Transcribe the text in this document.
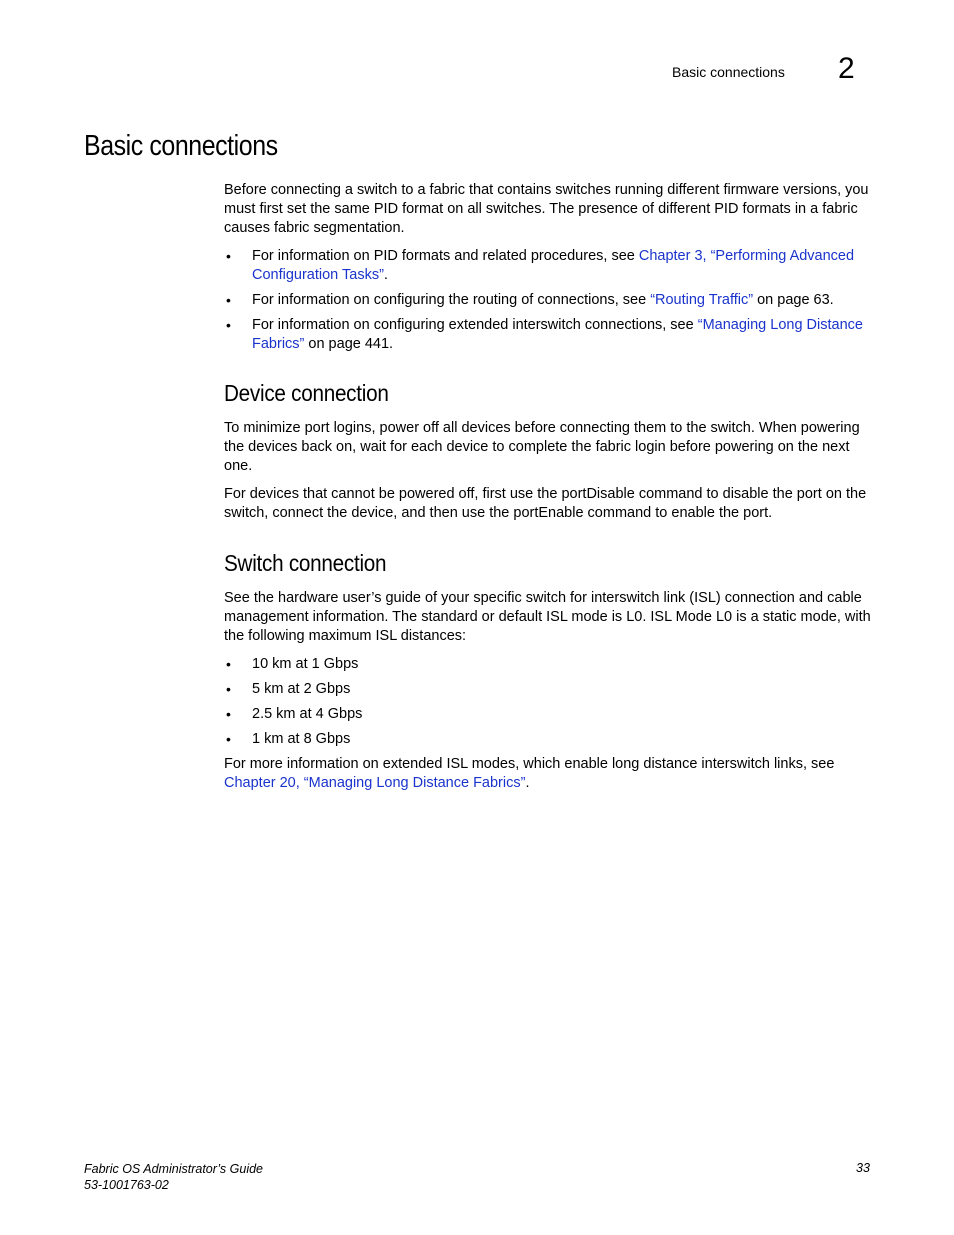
Basic connections 2
Basic connections

Before connecting a switch to a fabric that contains switches running different firmware versions, you must first set the same PID format on all switches. The presence of different PID formats in a fabric causes fabric segmentation.

• For information on PID formats and related procedures, see Chapter 3, “Performing Advanced Configuration Tasks”.
• For information on configuring the routing of connections, see “Routing Traffic” on page 63.
• For information on configuring extended interswitch connections, see “Managing Long Distance Fabrics” on page 441.
Device connection

To minimize port logins, power off all devices before connecting them to the switch. When powering the devices back on, wait for each device to complete the fabric login before powering on the next one.

For devices that cannot be powered off, first use the portDisable command to disable the port on the switch, connect the device, and then use the portEnable command to enable the port.

Switch connection

See the hardware user’s guide of your specific switch for interswitch link (ISL) connection and cable management information. The standard or default ISL mode is L0. ISL Mode L0 is a static mode, with the following maximum ISL distances:

• 10 km at 1 Gbps
• 5 km at 2 Gbps
• 2.5 km at 4 Gbps
• 1 km at 8 Gbps

For more information on extended ISL modes, which enable long distance interswitch links, see Chapter 20, “Managing Long Distance Fabrics”.

Fabric OS Administrator’s Guide
53-1001763-02
33
